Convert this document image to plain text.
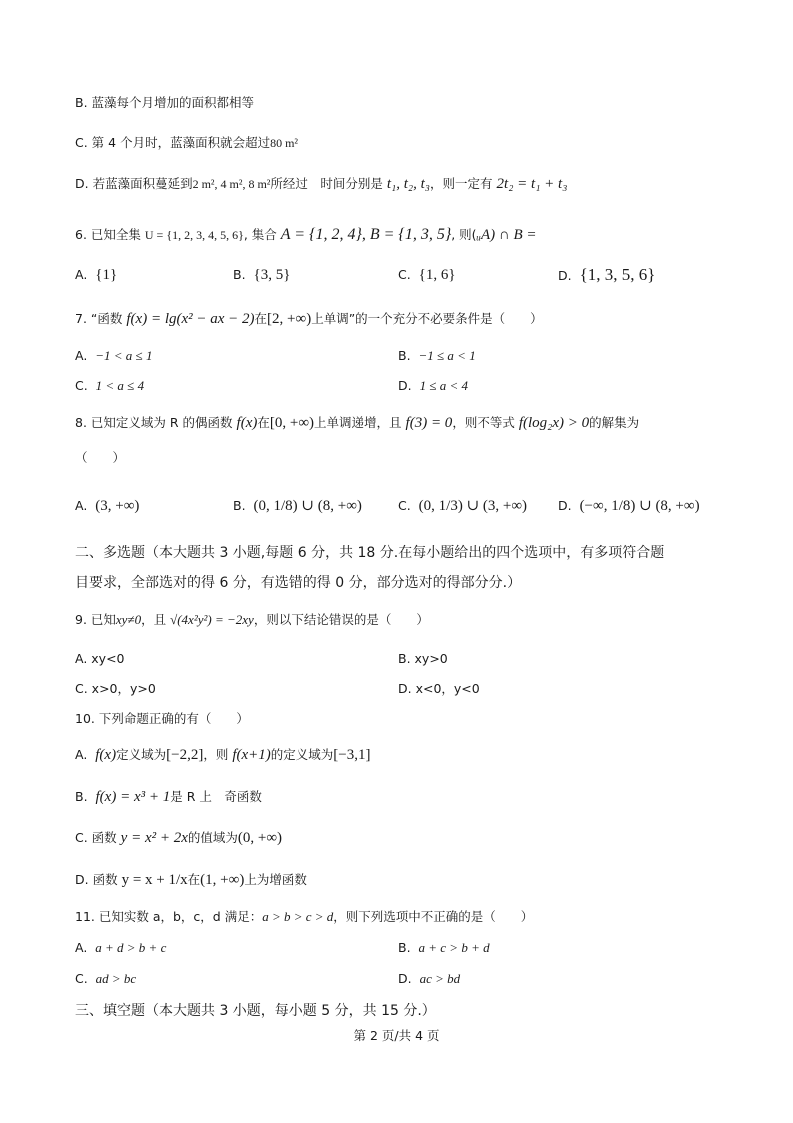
B. 蓝藻每个月增加的面积都相等
C. 第 4 个月时，蓝藻面积就会超过80 m²
D. 若蓝藻面积蔓延到2 m², 4 m², 8 m²所经过　时间分别是 t₁, t₂, t₃，则一定有 2t₂ = t₁ + t₃
6. 已知全集 U = {1, 2, 3, 4, 5, 6}, 集合 A = {1, 2, 4}, B = {1, 3, 5}, 则(ᵤA) ∩ B =
A. {1}	B. {3, 5}	C. {1, 6}	D. {1, 3, 5, 6}
7. “函数 f(x) = lg(x² − ax − 2)在[2, +∞)上单调”的一个充分不必要条件是（　　）
A. −1 < a ≤ 1	B. −1 ≤ a < 1
C. 1 < a ≤ 4	D. 1 ≤ a < 4
8. 已知定义域为 R 的偶函数 f(x)在[0, +∞)上单调递增，且 f(3) = 0，则不等式 f(log₂x) > 0的解集为
（　　）
A. (3, +∞)	B. (0, 1/8) ∪ (8, +∞)	C. (0, 1/3) ∪ (3, +∞) D. (−∞, 1/8) ∪ (8, +∞)
二、多选题（本大题共 3 小题,每题 6 分，共 18 分.在每小题给出的四个选项中，有多项符合题
目要求，全部选对的得 6 分，有选错的得 0 分，部分选对的得部分分.）
9. 已知xy≠0，且 √(4x²y²) = −2xy，则以下结论错误的是（　　）
A. xy<0	B. xy>0
C. x>0，y>0	D. x<0，y<0
10. 下列命题正确的有（　　）
A. f(x)定义域为[−2,2]，则 f(x+1)的定义域为[−3,1]
B. f(x) = x³ + 1是 R 上　奇函数
C. 函数 y = x² + 2x的值域为(0, +∞)
D. 函数 y = x + 1/x在(1, +∞)上为增函数
11. 已知实数 a，b，c，d 满足：a > b > c > d，则下列选项中不正确的是（　　）
A. a + d > b + c	B. a + c > b + d
C. ad > bc	D. ac > bd
三、填空题（本大题共 3 小题，每小题 5 分，共 15 分.）
第 2 页/共 4 页
